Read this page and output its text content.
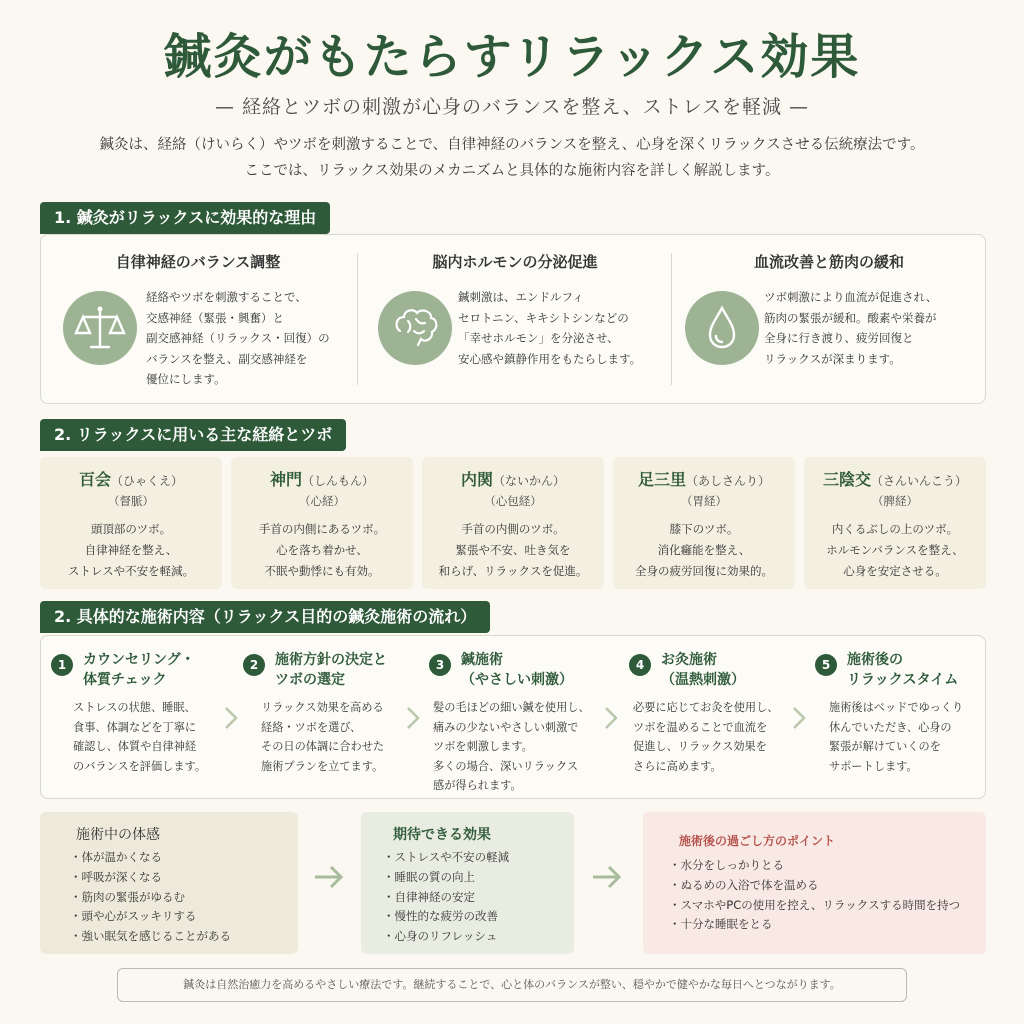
鍼灸がもたらすリラックス効果
— 経絡とツボの刺激が心身のバランスを整え、ストレスを軽減 —
鍼灸は、経絡（けいらく）やツボを刺激することで、自律神経のバランスを整え、心身を深くリラックスさせる伝統療法です。
ここでは、リラックス効果のメカニズムと具体的な施術内容を詳しく解説します。
1. 鍼灸がリラックスに効果的な理由
自律神経のバランス調整
経絡やツボを刺激することで、
交感神経（緊張・興奮）と
副交感神経（リラックス・回復）の
バランスを整え、副交感神経を
優位にします。
脳内ホルモンの分泌促進
鍼刺激は、エンドルフィ
セロトニン、キキシトシンなどの
「幸せホルモン」を分泌させ、
安心感や鎮静作用をもたらします。
血流改善と筋肉の緩和
ツボ刺激により血流が促進され、
筋肉の緊張が緩和。酸素や栄養が
全身に行き渡り、疲労回復と
リラックスが深まります。
2. リラックスに用いる主な経絡とツボ
百会（ひゃくえ）
（督脈）
頭頂部のツボ。
自律神経を整え、
ストレスや不安を軽減。
神門（しんもん）
（心経）
手首の内側にあるツボ。
心を落ち着かせ、
不眠や動悸にも有効。
内関（ないかん）
（心包経）
手首の内側のツボ。
緊張や不安、吐き気を
和らげ、リラックスを促進。
足三里（あしさんり）
（胃経）
膝下のツボ。
消化癰能を整え、
全身の疲労回復に効果的。
三陰交（さんいんこう）
（脾経）
内くるぶしの上のツボ。
ホルモンバランスを整え、
心身を安定させる。
2. 具体的な施術内容（リラックス目的の鍼灸施術の流れ）
1	カウンセリング・
体質チェック
ストレスの状態、睡眠、
食事、体調などを丁寧に
確認し、体質や自律神経
のバランスを評価します。
2	施術方針の決定と
ツボの選定
リラックス効果を高める
経絡・ツボを選び、
その日の体調に合わせた
施術プランを立てます。
3	鍼施術
（やさしい刺激）
髪の毛ほどの細い鍼を使用し、
痛みの少ないやさしい刺激で
ツボを刺激します。
多くの場合、深いリラックス
感が得られます。
4	お灸施術
（温熱刺激）
必要に応じてお灸を使用し、
ツボを温めることで血流を
促進し、リラックス効果を
さらに高めます。
5	施術後の
リラックスタイム
施術後はベッドでゆっくり
休んでいただき、心身の
緊張が解けていくのを
サポートします。
施術中の体感
・ 体が温かくなる
・ 呼吸が深くなる
・ 筋肉の緊張がゆるむ
・ 頭や心がスッキリする
・ 強い眠気を感じることがある
期待できる効果
・ ストレスや不安の軽減
・ 睡眠の質の向上
・ 自律神経の安定
・ 慢性的な疲労の改善
・ 心身のリフレッシュ
施術後の過ごし方のポイント
・ 水分をしっかりとる
・ ぬるめの入浴で体を温める
・ スマホやPCの使用を控え、リラックスする時間を持つ
・ 十分な睡眠をとる
鍼灸は自然治癒力を高めるやさしい療法です。継続することで、心と体のバランスが整い、穏やかで健やかな毎日へとつながります。
